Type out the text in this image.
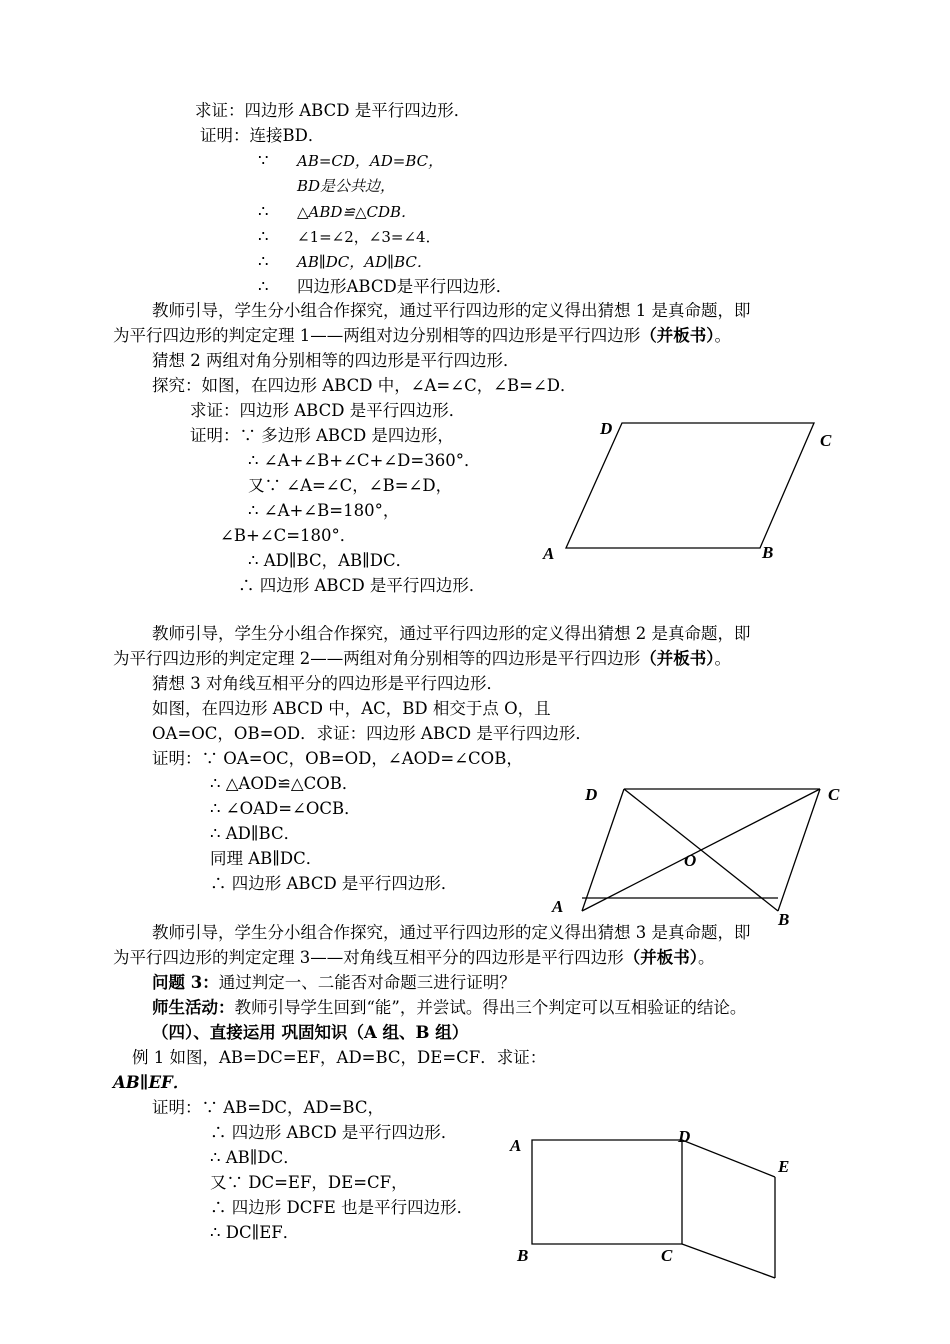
求证：四边形 ABCD 是平行四边形．
证明：连接BD．
∵ AB=CD，AD=BC，
BD是公共边，
∴ △ABD≌△CDB．
∴ ∠1=∠2，∠3=∠4．
∴ AB∥DC，AD∥BC．
∴ 四边形ABCD是平行四边形．
教师引导，学生分小组合作探究，通过平行四边形的定义得出猜想 1 是真命题，即
为平行四边形的判定定理 1——两组对边分别相等的四边形是平行四边形（并板书）。
猜想 2 两组对角分别相等的四边形是平行四边形．
探究：如图，在四边形 ABCD 中，∠A=∠C，∠B=∠D．
求证：四边形 ABCD 是平行四边形．
证明：∵ 多边形 ABCD 是四边形，
∴ ∠A+∠B+∠C+∠D=360°．
又∵ ∠A=∠C，∠B=∠D，
∴ ∠A+∠B=180°，
∠B+∠C=180°．
∴ AD∥BC，AB∥DC．
∴ 四边形 ABCD 是平行四边形．
D
C
A	B
教师引导，学生分小组合作探究，通过平行四边形的定义得出猜想 2 是真命题，即
为平行四边形的判定定理 2——两组对角分别相等的四边形是平行四边形（并板书）。
猜想 3 对角线互相平分的四边形是平行四边形．
如图，在四边形 ABCD 中，AC，BD 相交于点 O，且
OA=OC，OB=OD．求证：四边形 ABCD 是平行四边形．
证明：∵ OA=OC，OB=OD，∠AOD=∠COB，
∴ △AOD≌△COB．
∴ ∠OAD=∠OCB．
∴ AD∥BC．
同理 AB∥DC．
∴ 四边形 ABCD 是平行四边形．
D	C
O
A
B
教师引导，学生分小组合作探究，通过平行四边形的定义得出猜想 3 是真命题，即
为平行四边形的判定定理 3——对角线互相平分的四边形是平行四边形（并板书）。
问题 3：通过判定一、二能否对命题三进行证明？
师生活动：教师引导学生回到“能”，并尝试。得出三个判定可以互相验证的结论。
（四）、直接运用 巩固知识（A 组、B 组）
例 1 如图，AB=DC=EF，AD=BC，DE=CF．求证：
AB∥EF．
证明：∵ AB=DC，AD=BC，
∴ 四边形 ABCD 是平行四边形．
∴ AB∥DC．
又∵ DC=EF，DE=CF，
∴ 四边形 DCFE 也是平行四边形．
∴ DC∥EF．
A	D
E
B	C
